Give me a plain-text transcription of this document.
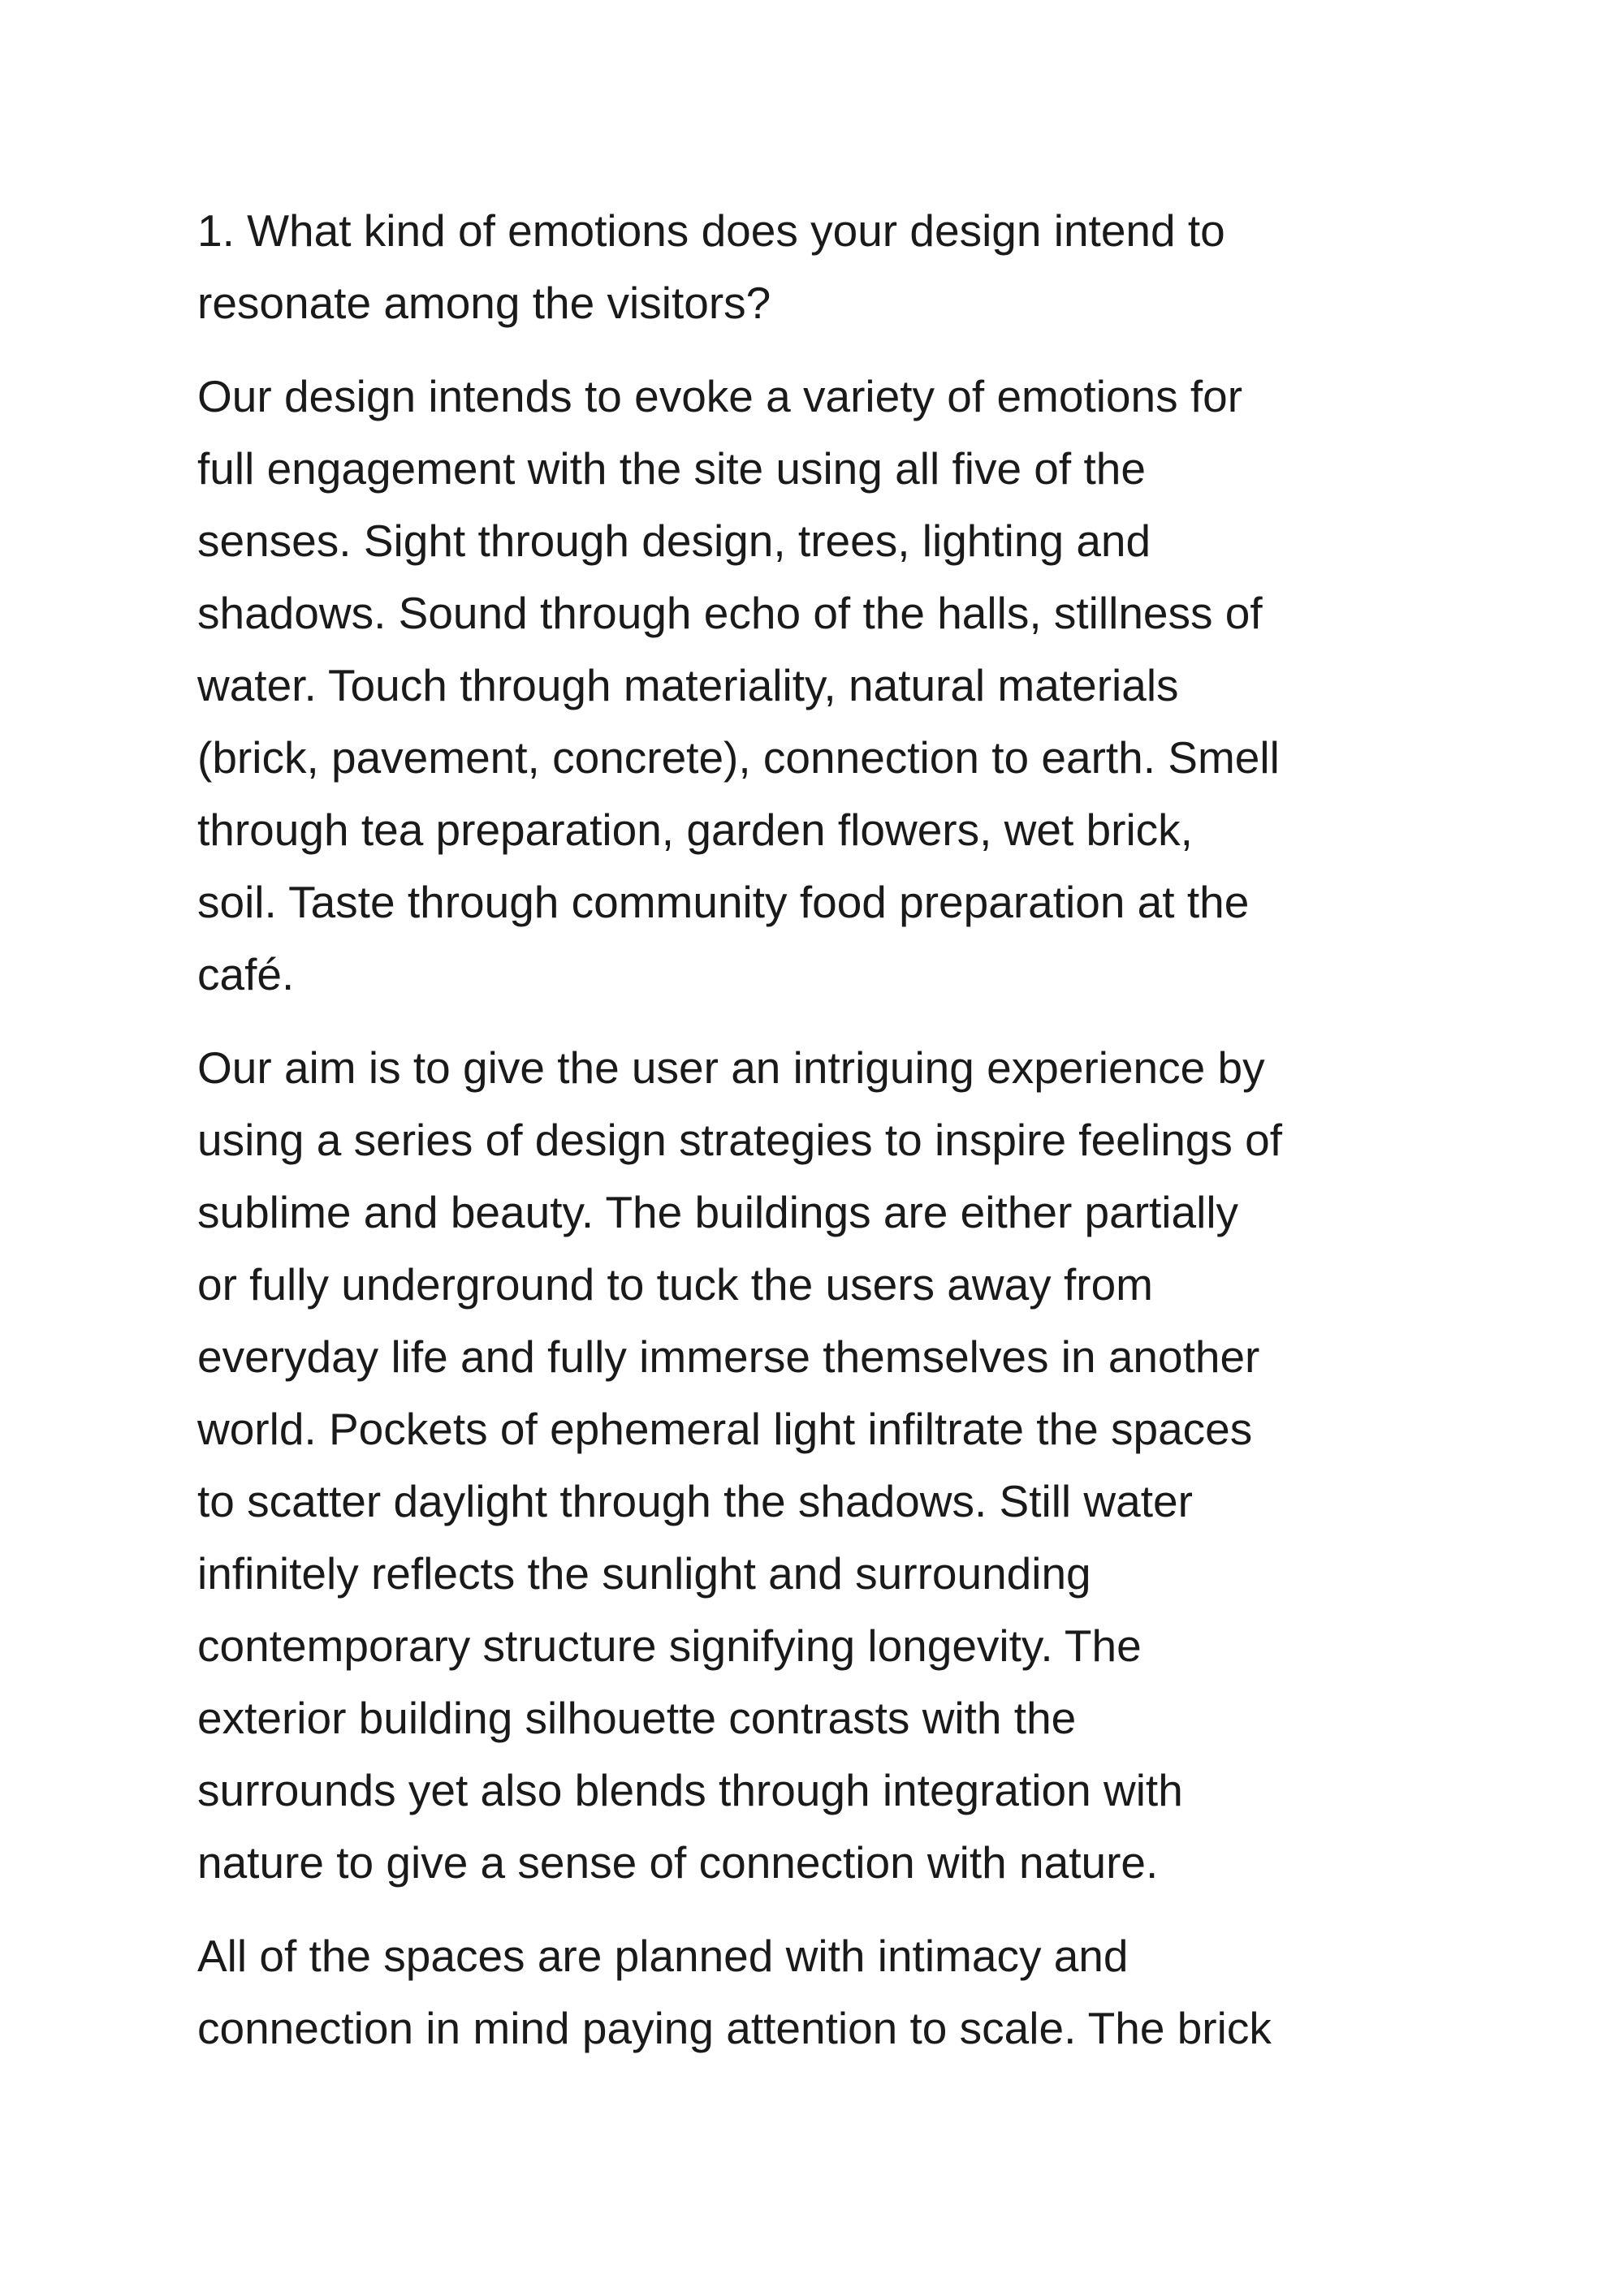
1. What kind of emotions does your design intend to
resonate among the visitors?

Our design intends to evoke a variety of emotions for
full engagement with the site using all five of the
senses. Sight through design, trees, lighting and
shadows. Sound through echo of the halls, stillness of
water. Touch through materiality, natural materials
(brick, pavement, concrete), connection to earth. Smell
through tea preparation, garden flowers, wet brick,
soil. Taste through community food preparation at the
café.

Our aim is to give the user an intriguing experience by
using a series of design strategies to inspire feelings of
sublime and beauty. The buildings are either partially
or fully underground to tuck the users away from
everyday life and fully immerse themselves in another
world. Pockets of ephemeral light infiltrate the spaces
to scatter daylight through the shadows. Still water
infinitely reflects the sunlight and surrounding
contemporary structure signifying longevity. The
exterior building silhouette contrasts with the
surrounds yet also blends through integration with
nature to give a sense of connection with nature.

All of the spaces are planned with intimacy and
connection in mind paying attention to scale. The brick
